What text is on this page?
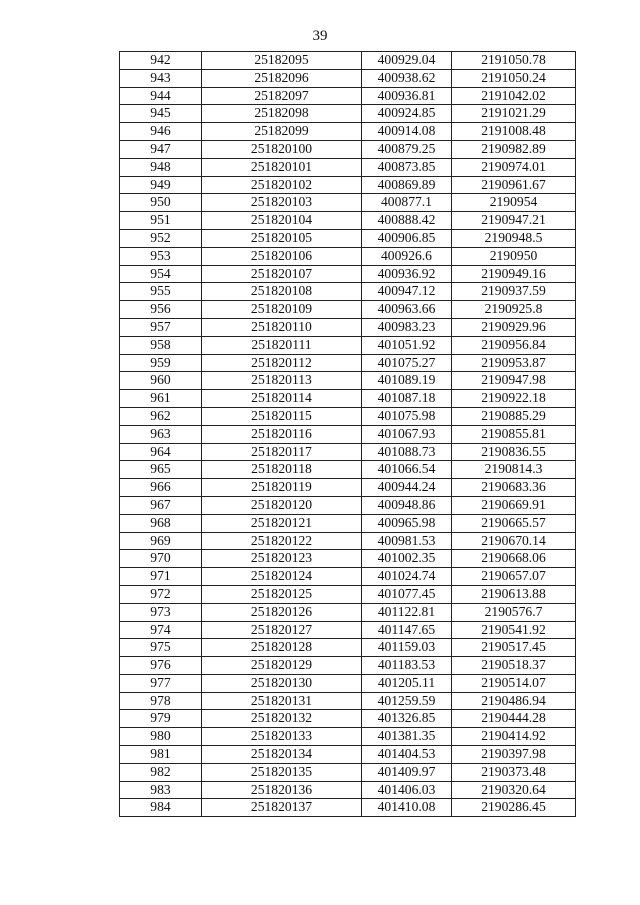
39
942	25182095	400929.04	2191050.78
943	25182096	400938.62	2191050.24
944	25182097	400936.81	2191042.02
945	25182098	400924.85	2191021.29
946	25182099	400914.08	2191008.48
947	251820100	400879.25	2190982.89
948	251820101	400873.85	2190974.01
949	251820102	400869.89	2190961.67
950	251820103	400877.1	2190954
951	251820104	400888.42	2190947.21
952	251820105	400906.85	2190948.5
953	251820106	400926.6	2190950
954	251820107	400936.92	2190949.16
955	251820108	400947.12	2190937.59
956	251820109	400963.66	2190925.8
957	251820110	400983.23	2190929.96
958	251820111	401051.92	2190956.84
959	251820112	401075.27	2190953.87
960	251820113	401089.19	2190947.98
961	251820114	401087.18	2190922.18
962	251820115	401075.98	2190885.29
963	251820116	401067.93	2190855.81
964	251820117	401088.73	2190836.55
965	251820118	401066.54	2190814.3
966	251820119	400944.24	2190683.36
967	251820120	400948.86	2190669.91
968	251820121	400965.98	2190665.57
969	251820122	400981.53	2190670.14
970	251820123	401002.35	2190668.06
971	251820124	401024.74	2190657.07
972	251820125	401077.45	2190613.88
973	251820126	401122.81	2190576.7
974	251820127	401147.65	2190541.92
975	251820128	401159.03	2190517.45
976	251820129	401183.53	2190518.37
977	251820130	401205.11	2190514.07
978	251820131	401259.59	2190486.94
979	251820132	401326.85	2190444.28
980	251820133	401381.35	2190414.92
981	251820134	401404.53	2190397.98
982	251820135	401409.97	2190373.48
983	251820136	401406.03	2190320.64
984	251820137	401410.08	2190286.45
